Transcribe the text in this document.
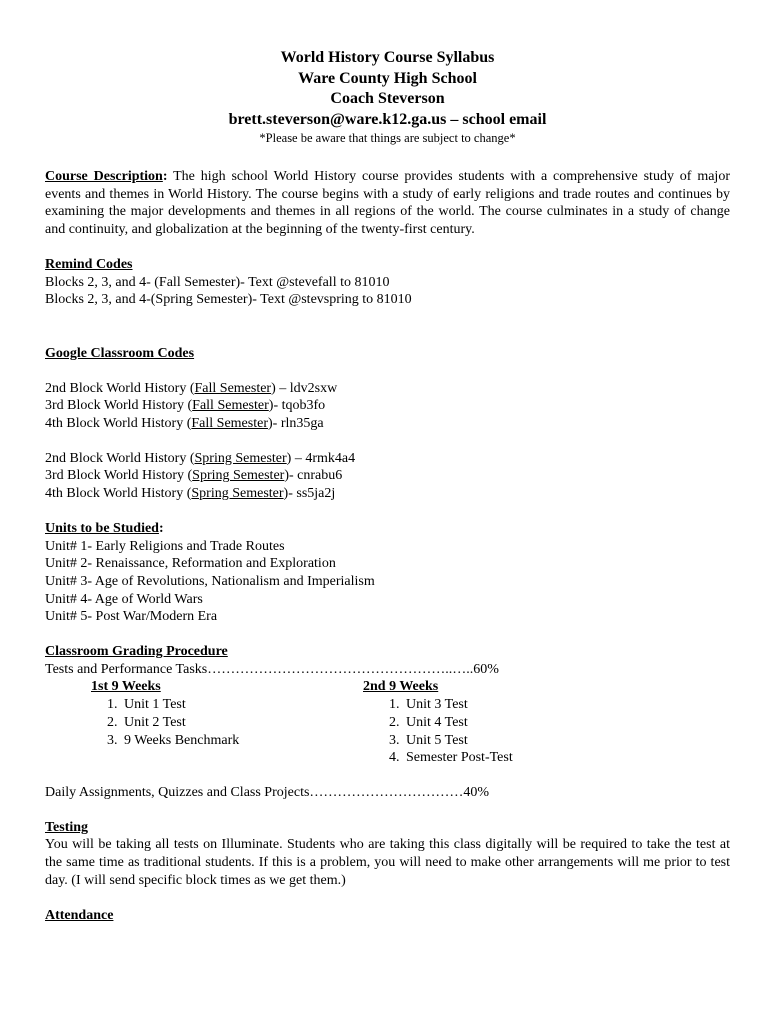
World History Course Syllabus
Ware County High School
Coach Steverson
brett.steverson@ware.k12.ga.us – school email
*Please be aware that things are subject to change*

Course Description: The high school World History course provides students with a comprehensive study of major events and themes in World History. The course begins with a study of early religions and trade routes and continues by examining the major developments and themes in all regions of the world. The course culminates in a study of change and continuity, and globalization at the beginning of the twenty-first century.

Remind Codes
Blocks 2, 3, and 4- (Fall Semester)- Text @stevefall to 81010
Blocks 2, 3, and 4-(Spring Semester)- Text @stevspring to 81010
Google Classroom Codes
2nd Block World History (Fall Semester) – ldv2sxw
3rd Block World History (Fall Semester)- tqob3fo
4th Block World History (Fall Semester)- rln35ga
2nd Block World History (Spring Semester) – 4rmk4a4
3rd Block World History (Spring Semester)- cnrabu6
4th Block World History (Spring Semester)- ss5ja2j
Units to be Studied:
Unit# 1- Early Religions and Trade Routes
Unit# 2- Renaissance, Reformation and Exploration
Unit# 3- Age of Revolutions, Nationalism and Imperialism
Unit# 4- Age of World Wars
Unit# 5- Post War/Modern Era
Classroom Grading Procedure
Tests and Performance Tasks……………………………………………..…..60%
1st 9 Weeks
1. Unit 1 Test
2. Unit 2 Test
3. 9 Weeks Benchmark
2nd 9 Weeks
1. Unit 3 Test
2. Unit 4 Test
3. Unit 5 Test
4. Semester Post-Test
Daily Assignments, Quizzes and Class Projects……………………………40%
Testing

You will be taking all tests on Illuminate. Students who are taking this class digitally will be required to take the test at the same time as traditional students. If this is a problem, you will need to make other arrangements will me prior to test day. (I will send specific block times as we get them.)

Attendance
